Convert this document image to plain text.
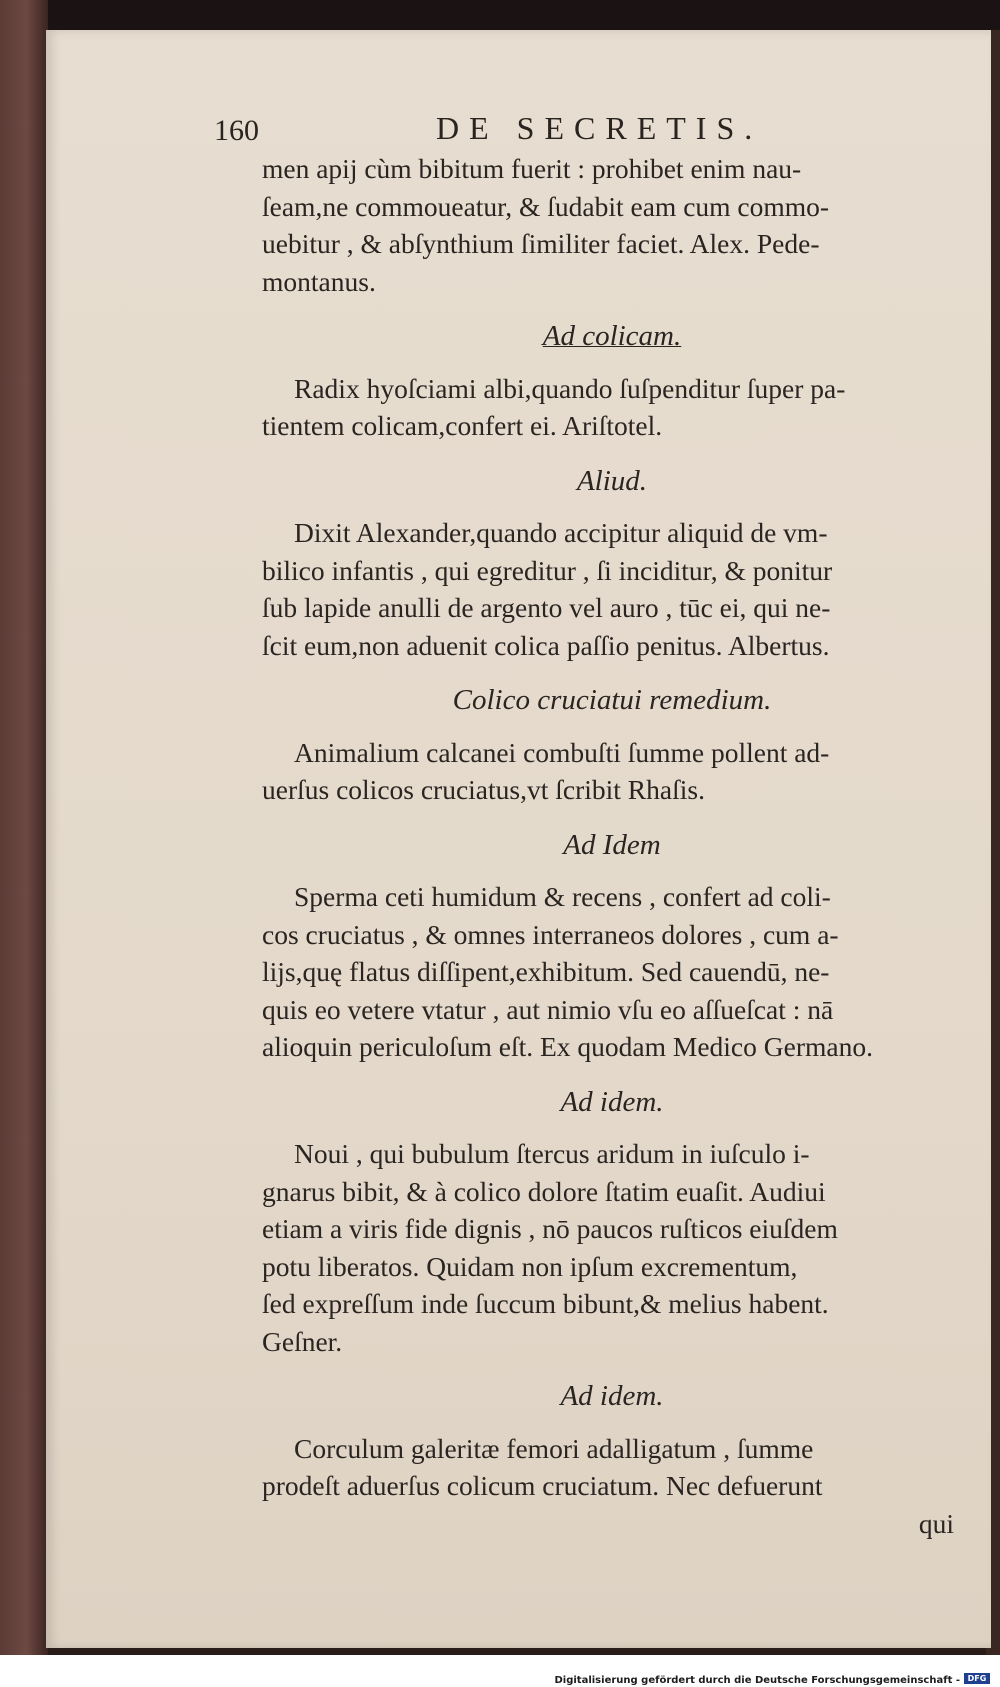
160	DE SECRETIS.
men apij cùm bibitum fuerit : prohibet enim nau-
ſeam,ne commoueatur, & ſudabit eam cum commo-
uebitur , & abſynthium ſimiliter faciet. Alex. Pede-
montanus.
Ad colicam.
Radix hyoſciami albi,quando ſuſpenditur ſuper pa-
tientem colicam,confert ei. Ariſtotel.
Aliud.
Dixit Alexander,quando accipitur aliquid de vm-
bilico infantis , qui egreditur , ſi inciditur, & ponitur
ſub lapide anulli de argento vel auro , tūc ei, qui ne-
ſcit eum,non aduenit colica paſſio penitus. Albertus.
Colico cruciatui remedium.
Animalium calcanei combuſti ſumme pollent ad-
uerſus colicos cruciatus,vt ſcribit Rhaſis.
Ad Idem
Sperma ceti humidum & recens , confert ad coli-
cos cruciatus , & omnes interraneos dolores , cum a-
lijs,quę flatus diſſipent,exhibitum. Sed cauendū, ne-
quis eo vetere vtatur , aut nimio vſu eo aſſueſcat : nā
alioquin periculoſum eſt. Ex quodam Medico Germano.
Ad idem.
Noui , qui bubulum ſtercus aridum in iuſculo i-
gnarus bibit, & à colico dolore ſtatim euaſit. Audiui
etiam a viris fide dignis , nō paucos ruſticos eiuſdem
potu liberatos. Quidam non ipſum excrementum,
ſed expreſſum inde ſuccum bibunt,& melius habent.
Geſner.
Ad idem.
Corculum galeritæ femori adalligatum , ſumme
prodeſt aduerſus colicum cruciatum. Nec defuerunt
qui
Digitalisierung gefördert durch die Deutsche Forschungsgemeinschaft - DFG
